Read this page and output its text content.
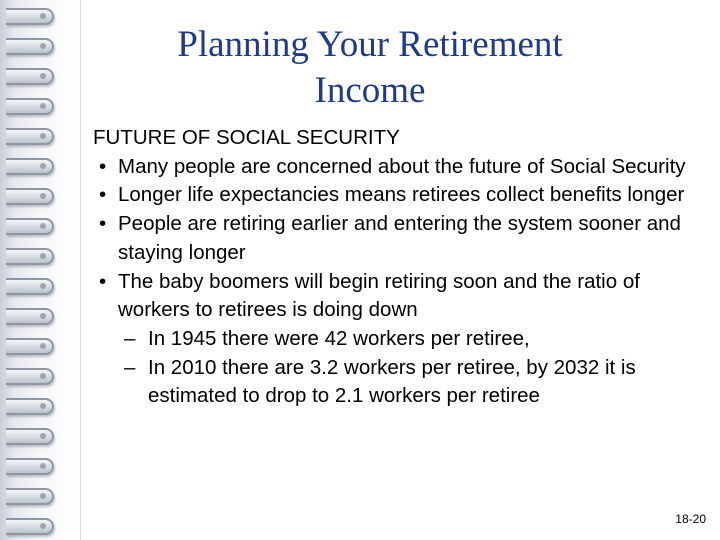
Planning Your Retirement
Income
FUTURE OF SOCIAL SECURITY
• Many people are concerned about the future of Social Security
• Longer life expectancies means retirees collect benefits longer
• People are retiring earlier and entering the system sooner and staying longer
• The baby boomers will begin retiring soon and the ratio of workers to retirees is doing down
– In 1945 there were 42 workers per retiree,
– In 2010 there are 3.2 workers per retiree, by 2032 it is estimated to drop to 2.1 workers per retiree
18-20
